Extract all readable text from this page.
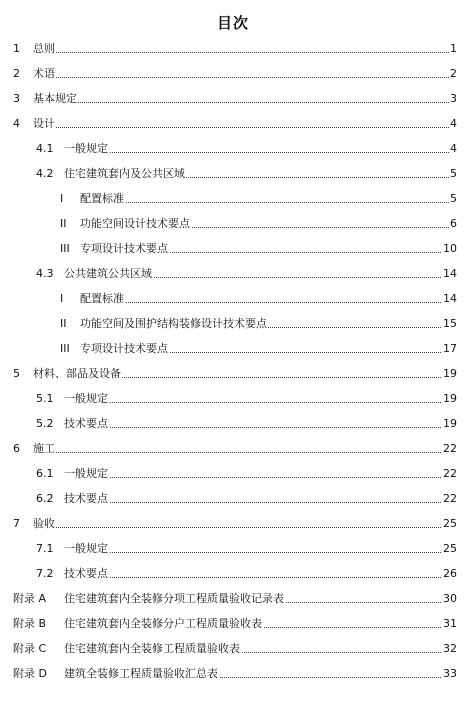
目次
1 总则	1
2 术语	2
3 基本规定	3
4 设计	4
4.1 一般规定	4
4.2 住宅建筑套内及公共区域	5
I 配置标准	5
II 功能空间设计技术要点	6
III 专项设计技术要点	10
4.3 公共建筑公共区域	14
I 配置标准	14
II 功能空间及围护结构装修设计技术要点	15
III 专项设计技术要点	17
5 材料、部品及设备	19
5.1 一般规定	19
5.2 技术要点	19
6 施工	22
6.1 一般规定	22
6.2 技术要点	22
7 验收	25
7.1 一般规定	25
7.2 技术要点	26
附录 A 住宅建筑套内全装修分项工程质量验收记录表	30
附录 B 住宅建筑套内全装修分户工程质量验收表	31
附录 C 住宅建筑套内全装修工程质量验收表	32
附录 D 建筑全装修工程质量验收汇总表	33
